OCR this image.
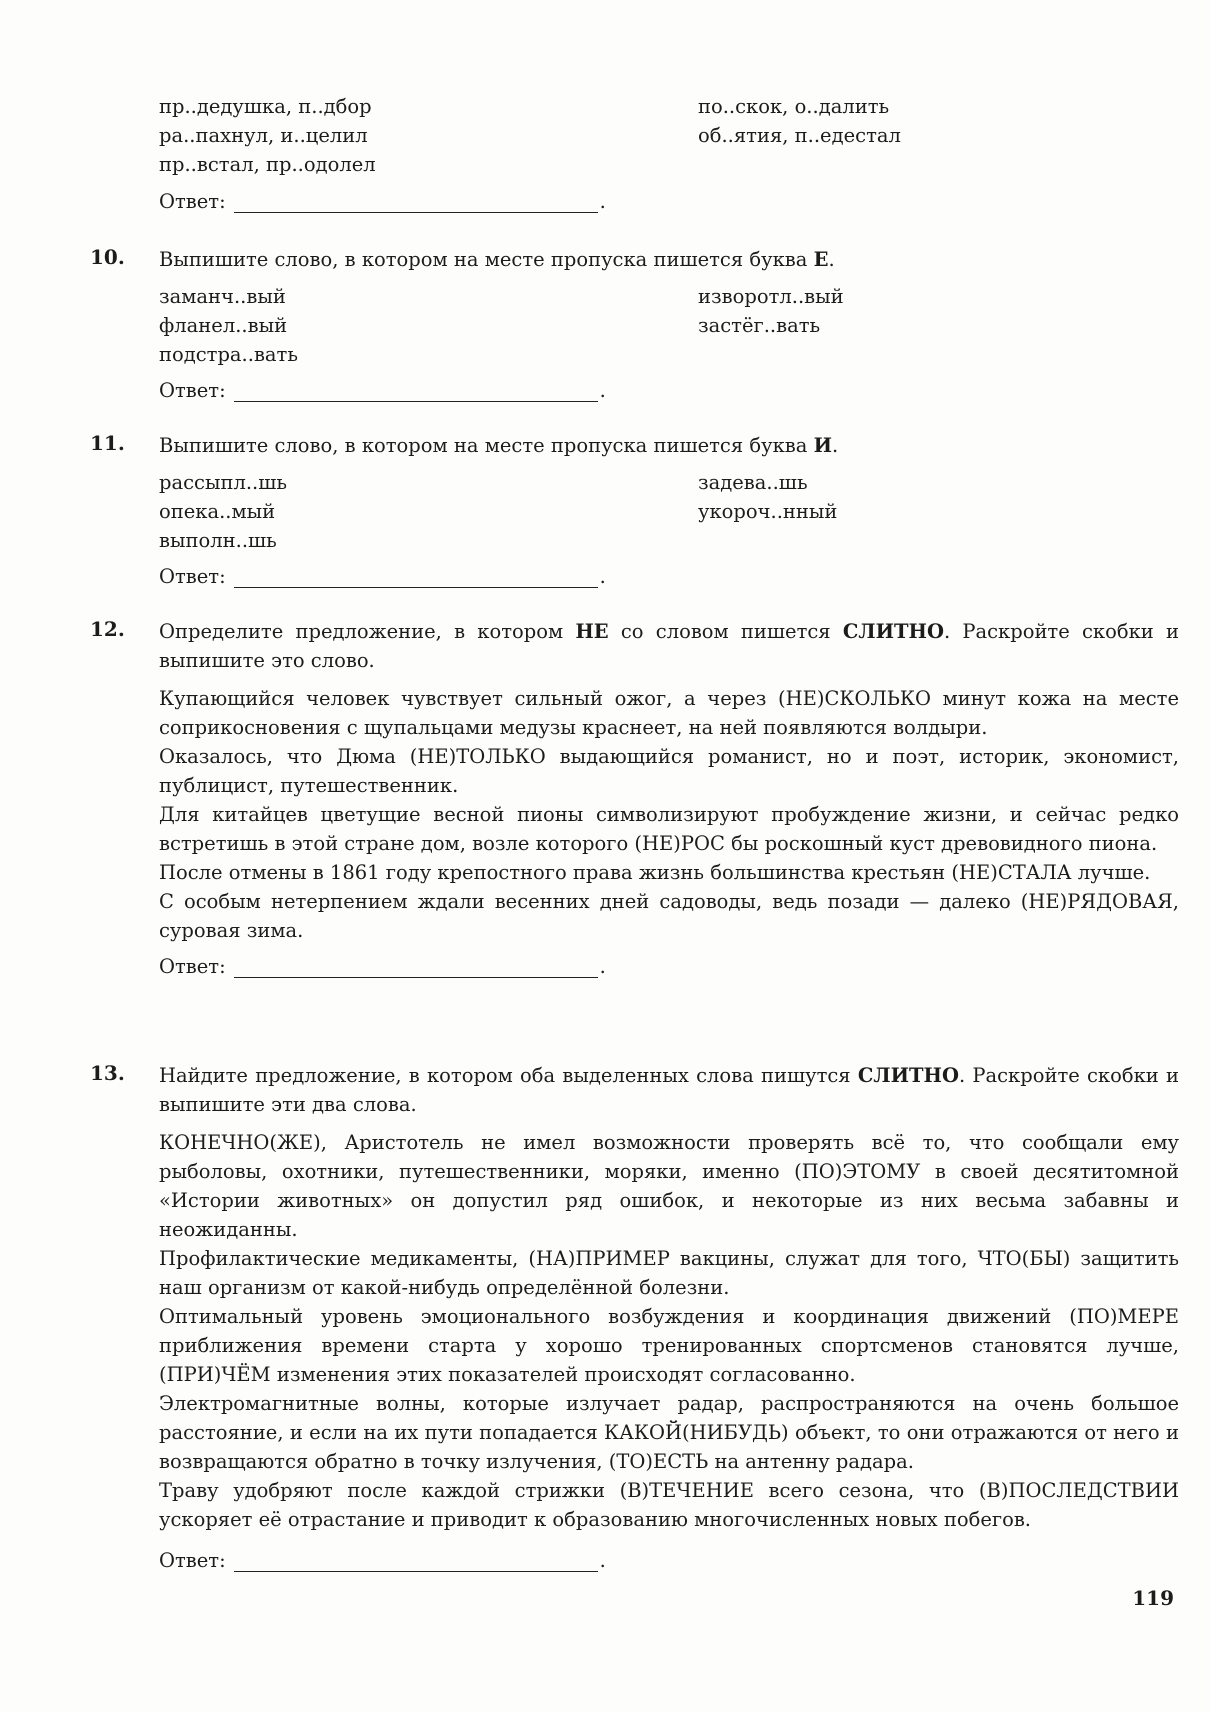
пр..дедушка, п..дбор
ра..пахнул, и..целил
пр..встал, пр..одолел
по..скок, о..далить
об..ятия, п..едестал
Ответ:	.
10. Выпишите слово, в котором на месте пропуска пишется буква Е.
заманч..вый
фланел..вый
подстра..вать
изворотл..вый
застёг..вать
Ответ:	.
11. Выпишите слово, в котором на месте пропуска пишется буква И.
рассыпл..шь
опека..мый
выполн..шь
задева..шь
укороч..нный
Ответ:	.
12. Определите предложение, в котором НЕ со словом пишется СЛИТНО. Раскройте скобки и выпишите это слово.

Купающийся человек чувствует сильный ожог, а через (НЕ)СКОЛЬКО минут кожа на месте соприкосновения с щупальцами медузы краснеет, на ней появляются волдыри.

Оказалось, что Дюма (НЕ)ТОЛЬКО выдающийся романист, но и поэт, историк, экономист, публицист, путешественник.

Для китайцев цветущие весной пионы символизируют пробуждение жизни, и сейчас редко встретишь в этой стране дом, возле которого (НЕ)РОС бы роскошный куст древовидного пиона.

После отмены в 1861 году крепостного права жизнь большинства крестьян (НЕ)СТАЛА лучше.

С особым нетерпением ждали весенних дней садоводы, ведь позади — далеко (НЕ)РЯДОВАЯ, суровая зима.

Ответ:	.
13. Найдите предложение, в котором оба выделенных слова пишутся СЛИТНО. Раскройте скобки и выпишите эти два слова.

КОНЕЧНО(ЖЕ), Аристотель не имел возможности проверять всё то, что сообщали ему рыболовы, охотники, путешественники, моряки, именно (ПО)ЭТОМУ в своей десятитомной «Истории животных» он допустил ряд ошибок, и некоторые из них весьма забавны и неожиданны.

Профилактические медикаменты, (НА)ПРИМЕР вакцины, служат для того, ЧТО(БЫ) защитить наш организм от какой-нибудь определённой болезни.

Оптимальный уровень эмоционального возбуждения и координация движений (ПО)МЕРЕ приближения времени старта у хорошо тренированных спортсменов становятся лучше, (ПРИ)ЧЁМ изменения этих показателей происходят согласованно.

Электромагнитные волны, которые излучает радар, распространяются на очень большое расстояние, и если на их пути попадается КАКОЙ(НИБУДЬ) объект, то они отражаются от него и возвращаются обратно в точку излучения, (ТО)ЕСТЬ на антенну радара.

Траву удобряют после каждой стрижки (В)ТЕЧЕНИЕ всего сезона, что (В)ПОСЛЕДСТВИИ ускоряет её отрастание и приводит к образованию многочисленных новых побегов.

Ответ:	.
119
